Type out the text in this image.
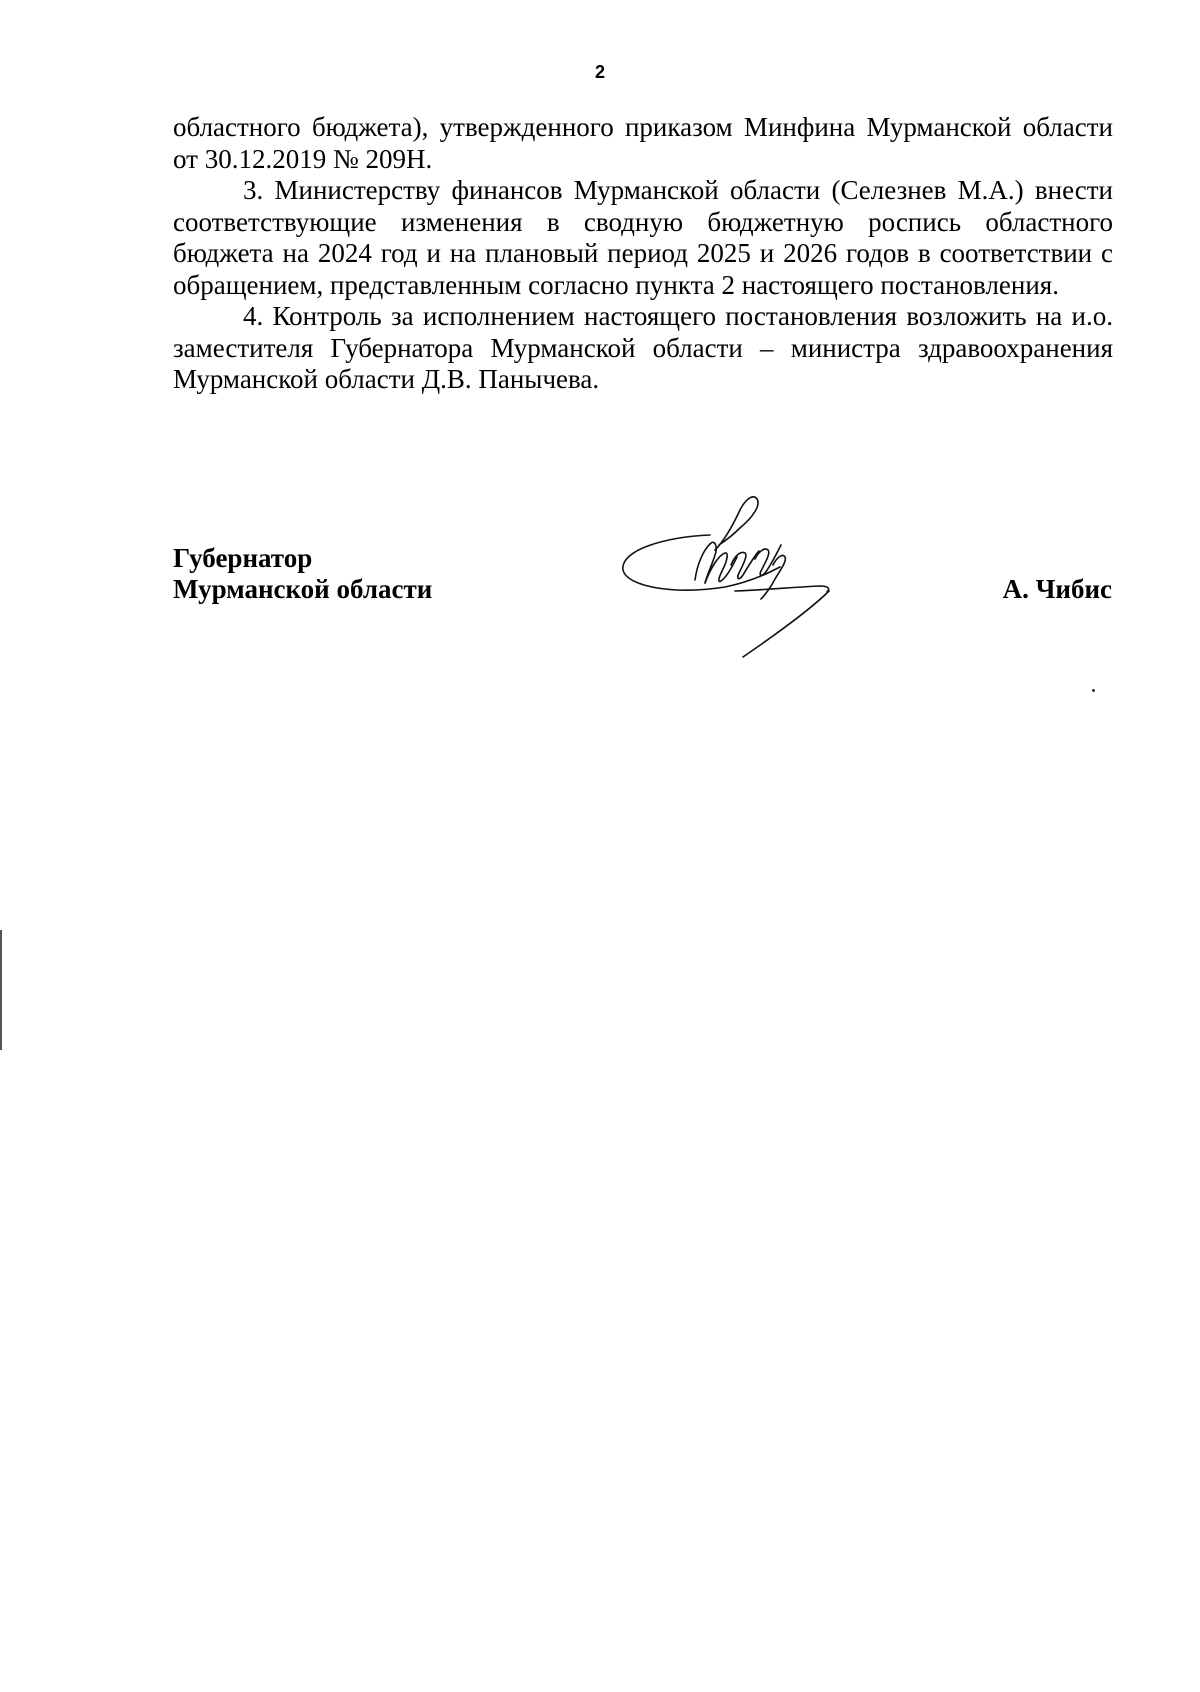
2

областного бюджета), утвержденного приказом Минфина Мурманской области от 30.12.2019 № 209Н.

3. Министерству финансов Мурманской области (Селезнев М.А.) внести соответствующие изменения в сводную бюджетную роспись областного бюджета на 2024 год и на плановый период 2025 и 2026 годов в соответствии с обращением, представленным согласно пункта 2 настоящего постановления.

4. Контроль за исполнением настоящего постановления возложить на и.о. заместителя Губернатора Мурманской области – министра здравоохранения Мурманской области Д.В. Панычева.

Губернатор
Мурманской области	А. Чибис
